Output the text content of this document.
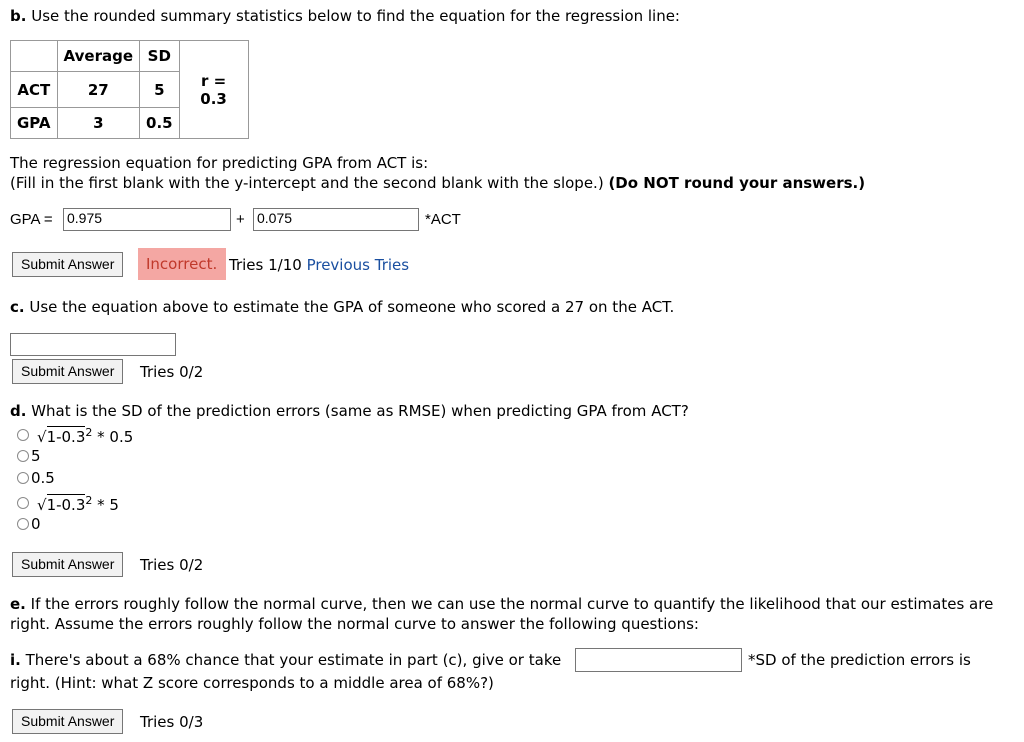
b. Use the rounded summary statistics below to find the equation for the regression line:
	Average	SD	
ACT	27	5	r = 0.3
GPA	3	0.5	
The regression equation for predicting GPA from ACT is:
(Fill in the first blank with the y-intercept and the second blank with the slope.) (Do NOT round your answers.)
GPA = 0.975	+ 0.075	*ACT
Submit Answer	Incorrect. Tries 1/10 Previous Tries
c. Use the equation above to estimate the GPA of someone who scored a 27 on the ACT.
Submit Answer	Tries 0/2
d. What is the SD of the prediction errors (same as RMSE) when predicting GPA from ACT?
$√1-0.3^2 * 0.5$
5
0.5
$√1-0.3^2 * 5$
0
Submit Answer	Tries 0/2
e. If the errors roughly follow the normal curve, then we can use the normal curve to quantify the likelihood that our estimates are
right. Assume the errors roughly follow the normal curve to answer the following questions:
i. There's about a 68% chance that your estimate in part (c), give or take	*SD of the prediction errors is
right. (Hint: what Z score corresponds to a middle area of 68%?)
Submit Answer	Tries 0/3
